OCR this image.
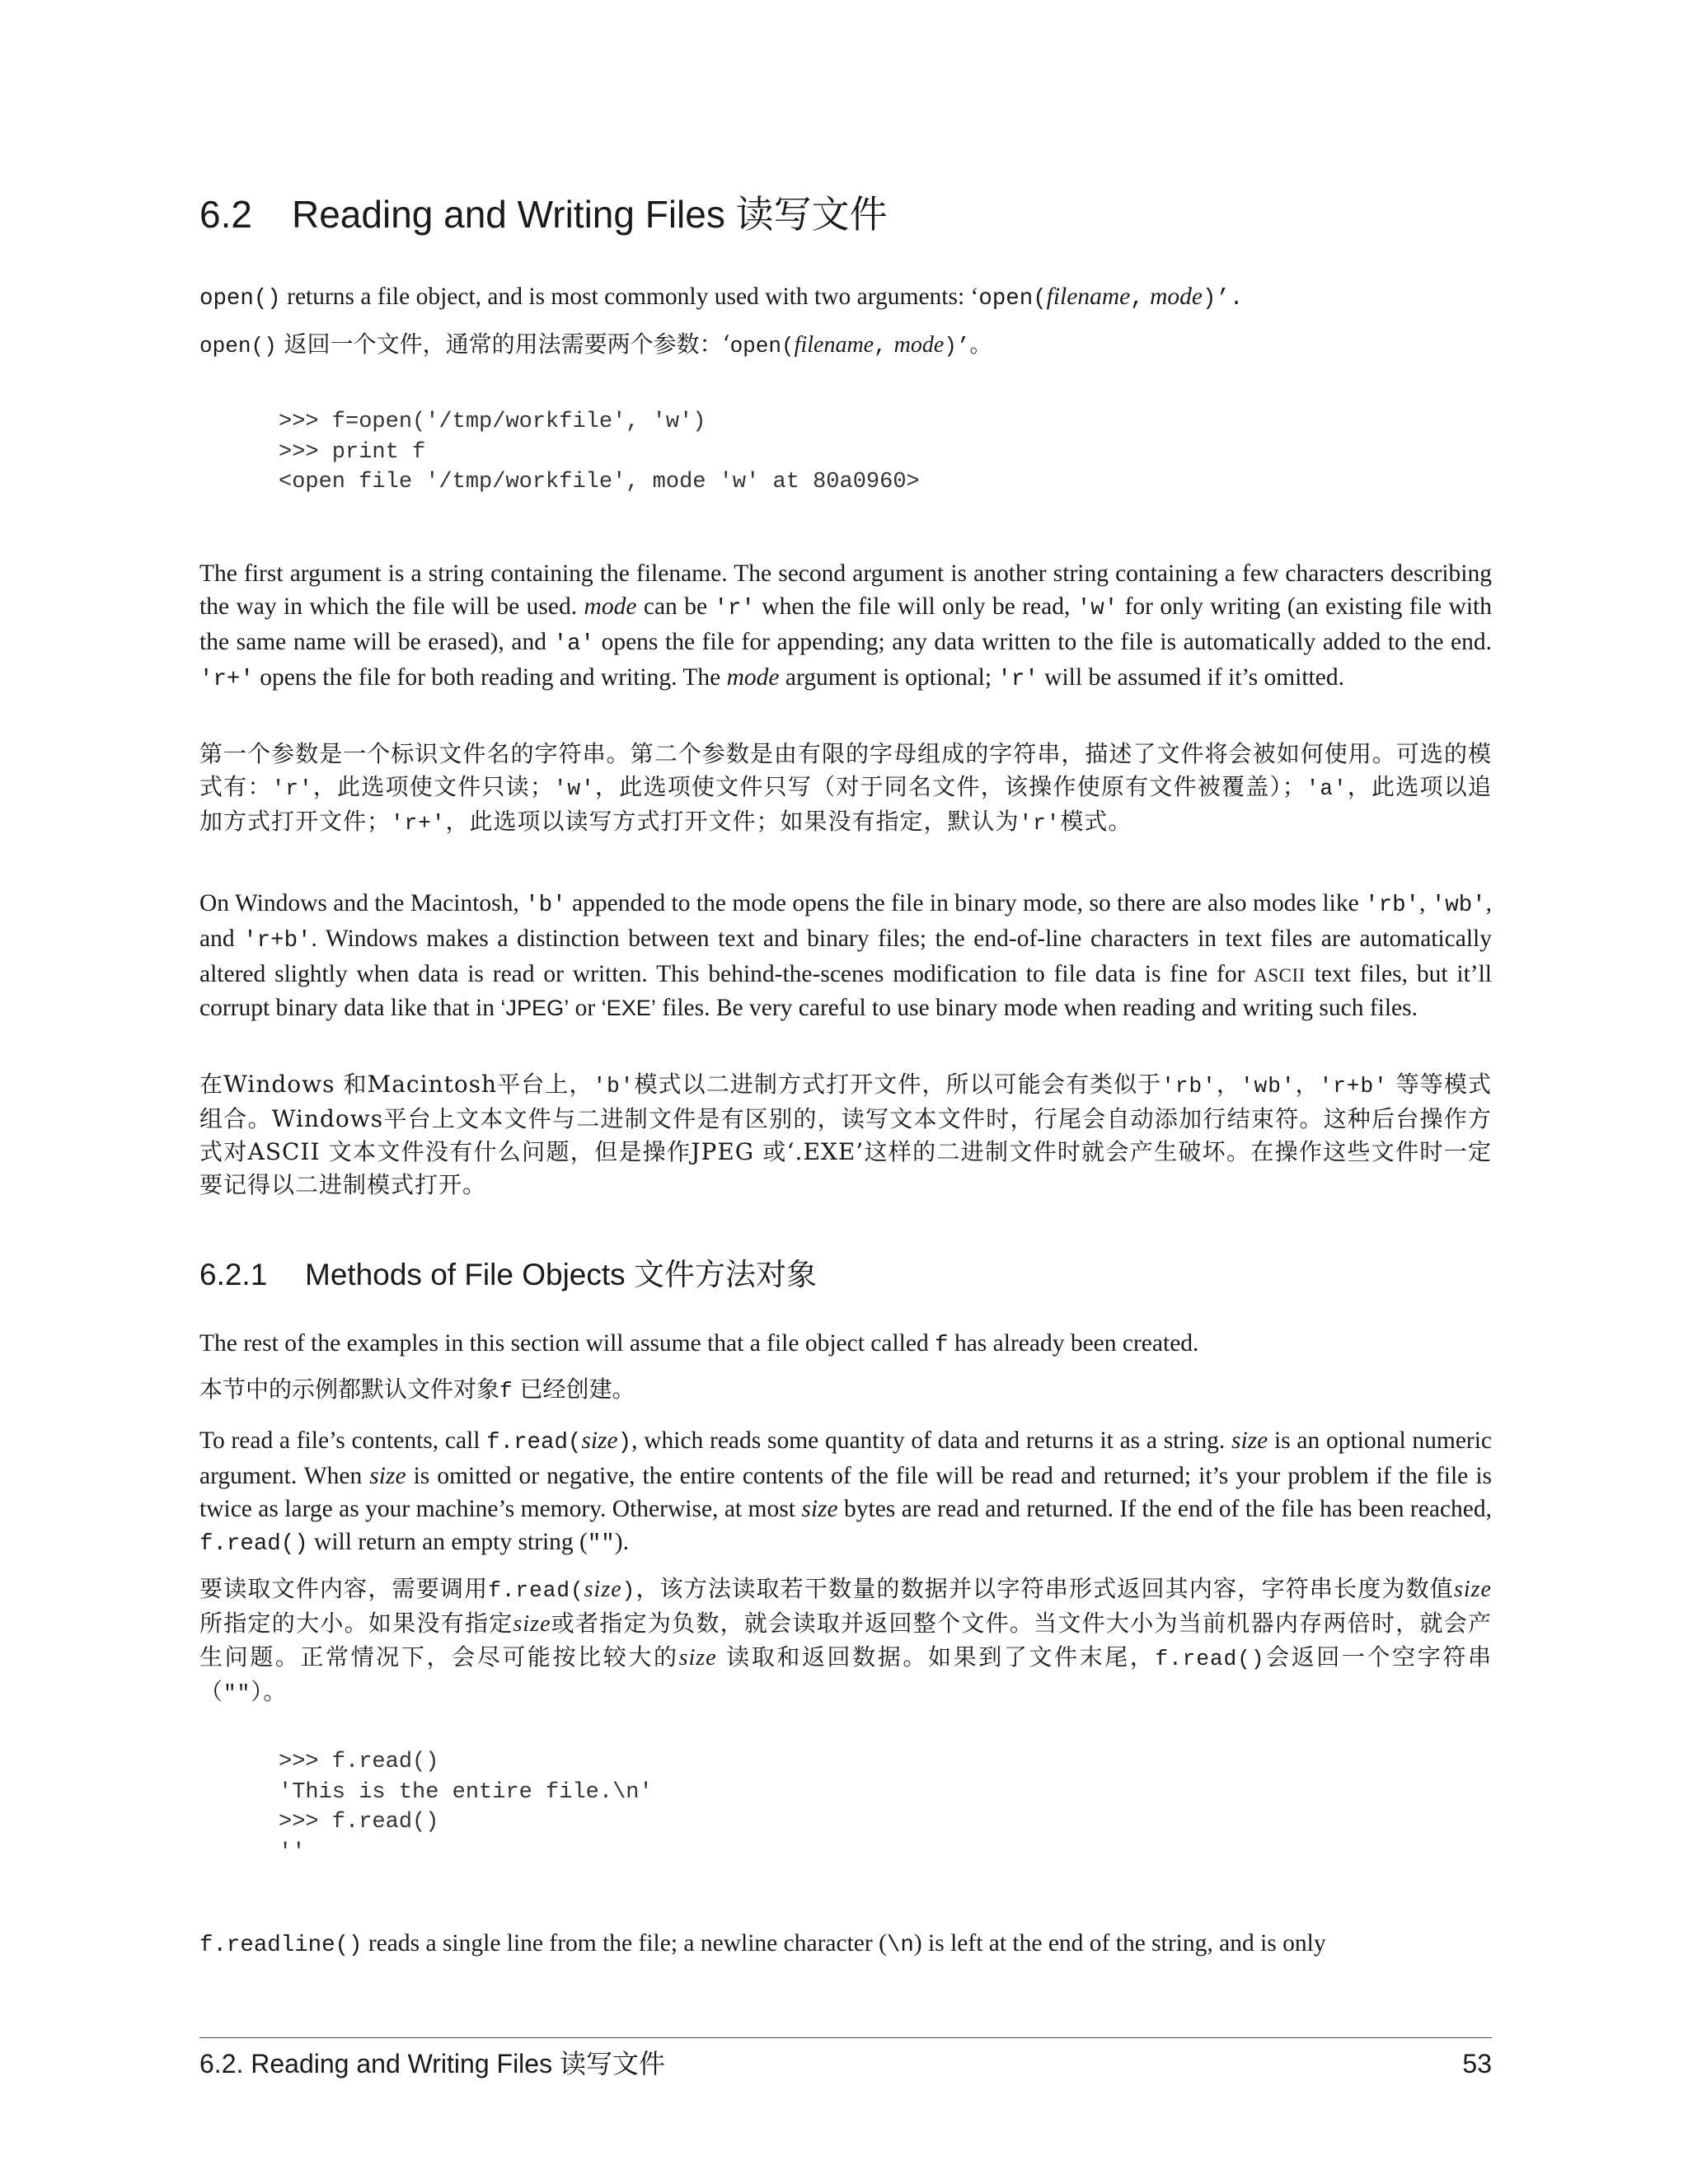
6.2 Reading and Writing Files 读写文件
open() returns a file object, and is most commonly used with two arguments: ‘open(filename, mode)’.
open() 返回一个文件，通常的用法需要两个参数：‘open(filename, mode)’。
>>> f=open('/tmp/workfile', 'w')
>>> print f
<open file '/tmp/workfile', mode 'w' at 80a0960>
The first argument is a string containing the filename. The second argument is another string containing a few characters describing the way in which the file will be used. mode can be 'r' when the file will only be read, 'w' for only writing (an existing file with the same name will be erased), and 'a' opens the file for appending; any data written to the file is automatically added to the end. 'r+' opens the file for both reading and writing. The mode argument is optional; 'r' will be assumed if it’s omitted.
第一个参数是一个标识文件名的字符串。第二个参数是由有限的字母组成的字符串，描述了文件将会被如何使用。可选的模式有：'r'，此选项使文件只读；'w'，此选项使文件只写（对于同名文件，该操作使原有文件被覆盖）；'a'，此选项以追加方式打开文件；'r+'，此选项以读写方式打开文件；如果没有指定，默认为'r'模式。
On Windows and the Macintosh, 'b' appended to the mode opens the file in binary mode, so there are also modes like 'rb', 'wb', and 'r+b'. Windows makes a distinction between text and binary files; the end-of-line characters in text files are automatically altered slightly when data is read or written. This behind-the-scenes modification to file data is fine for ASCII text files, but it’ll corrupt binary data like that in ‘JPEG’ or ‘EXE’ files. Be very careful to use binary mode when reading and writing such files.
在Windows 和Macintosh平台上，'b'模式以二进制方式打开文件，所以可能会有类似于'rb'，'wb'，'r+b' 等等模式组合。Windows平台上文本文件与二进制文件是有区别的，读写文本文件时，行尾会自动添加行结束符。这种后台操作方式对ASCII 文本文件没有什么问题，但是操作JPEG 或‘.EXE’这样的二进制文件时就会产生破坏。在操作这些文件时一定要记得以二进制模式打开。
6.2.1 Methods of File Objects 文件方法对象
The rest of the examples in this section will assume that a file object called f has already been created.
本节中的示例都默认文件对象f 已经创建。
To read a file’s contents, call f.read(size), which reads some quantity of data and returns it as a string. size is an optional numeric argument. When size is omitted or negative, the entire contents of the file will be read and returned; it’s your problem if the file is twice as large as your machine’s memory. Otherwise, at most size bytes are read and returned. If the end of the file has been reached, f.read() will return an empty string ("").
要读取文件内容，需要调用f.read(size)，该方法读取若干数量的数据并以字符串形式返回其内容，字符串长度为数值size 所指定的大小。如果没有指定size或者指定为负数，就会读取并返回整个文件。当文件大小为当前机器内存两倍时，就会产生问题。正常情况下，会尽可能按比较大的size 读取和返回数据。如果到了文件末尾，f.read()会返回一个空字符串（""）。
>>> f.read()
'This is the entire file.\n'
>>> f.read()
''
f.readline() reads a single line from the file; a newline character (\n) is left at the end of the string, and is only
6.2. Reading and Writing Files 读写文件	53
